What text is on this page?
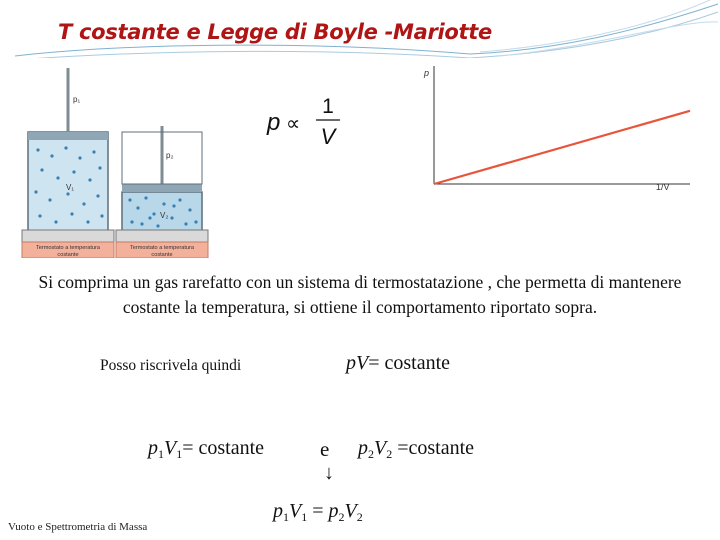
T costante e Legge di Boyle -Mariotte
p₁
p₂
V₁
V₂
Termostato a temperatura
costante
Termostato a temperatura
costante
p ∝
1
V
p
1/V
Si comprima un gas rarefatto con un sistema di termostatazione , che permetta di mantenere costante la temperatura, si ottiene il comportamento riportato sopra.
Posso riscrivela quindi	pV= costante
$p_1V_1=$ costante	e $p_2V_2$ =costante
↓
$p_1V_1 = p_2V_2$
Vuoto e Spettrometria di Massa
